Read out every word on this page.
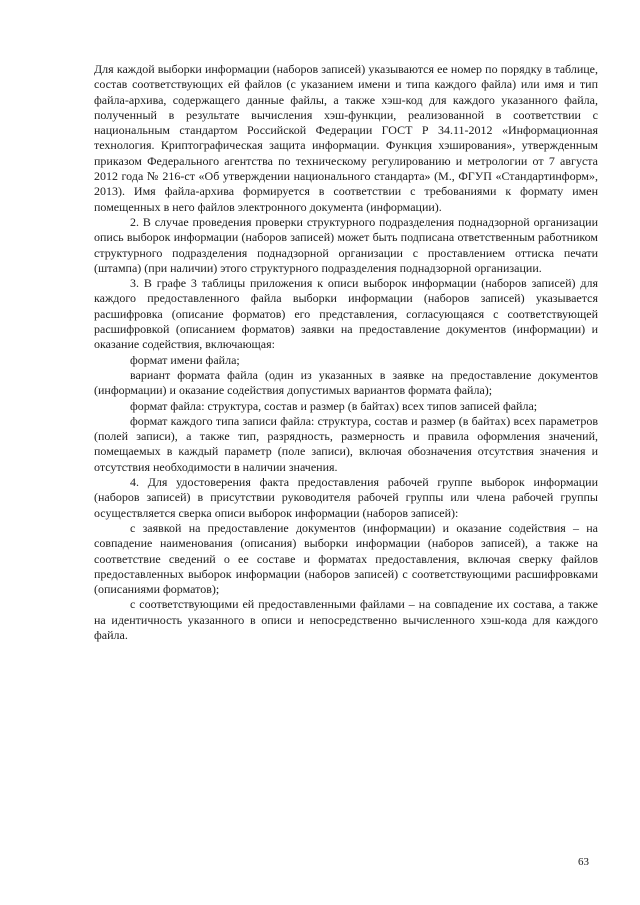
Для каждой выборки информации (наборов записей) указываются ее номер по порядку в таблице, состав соответствующих ей файлов (с указанием имени и типа каждого файла) или имя и тип файла-архива, содержащего данные файлы, а также хэш-код для каждого указанного файла, полученный в результате вычисления хэш-функции, реализованной в соответствии с национальным стандартом Российской Федерации ГОСТ Р 34.11-2012 «Информационная технология. Криптографическая защита информации. Функция хэширования», утвержденным приказом Федерального агентства по техническому регулированию и метрологии от 7 августа 2012 года № 216-ст «Об утверждении национального стандарта» (М., ФГУП «Стандартинформ», 2013). Имя файла-архива формируется в соответствии с требованиями к формату имен помещенных в него файлов электронного документа (информации).

2. В случае проведения проверки структурного подразделения поднадзорной организации опись выборок информации (наборов записей) может быть подписана ответственным работником структурного подразделения поднадзорной организации с проставлением оттиска печати (штампа) (при наличии) этого структурного подразделения поднадзорной организации.

3. В графе 3 таблицы приложения к описи выборок информации (наборов записей) для каждого предоставленного файла выборки информации (наборов записей) указывается расшифровка (описание форматов) его представления, согласующаяся с соответствующей расшифровкой (описанием форматов) заявки на предоставление документов (информации) и оказание содействия, включающая:

формат имени файла;

вариант формата файла (один из указанных в заявке на предоставление документов (информации) и оказание содействия допустимых вариантов формата файла);

формат файла: структура, состав и размер (в байтах) всех типов записей файла;

формат каждого типа записи файла: структура, состав и размер (в байтах) всех параметров (полей записи), а также тип, разрядность, размерность и правила оформления значений, помещаемых в каждый параметр (поле записи), включая обозначения отсутствия значения и отсутствия необходимости в наличии значения.

4. Для удостоверения факта предоставления рабочей группе выборок информации (наборов записей) в присутствии руководителя рабочей группы или члена рабочей группы осуществляется сверка описи выборок информации (наборов записей):

с заявкой на предоставление документов (информации) и оказание содействия – на совпадение наименования (описания) выборки информации (наборов записей), а также на соответствие сведений о ее составе и форматах предоставления, включая сверку файлов предоставленных выборок информации (наборов записей) с соответствующими расшифровками (описаниями форматов);

с соответствующими ей предоставленными файлами – на совпадение их состава, а также на идентичность указанного в описи и непосредственно вычисленного хэш-кода для каждого файла.

63
